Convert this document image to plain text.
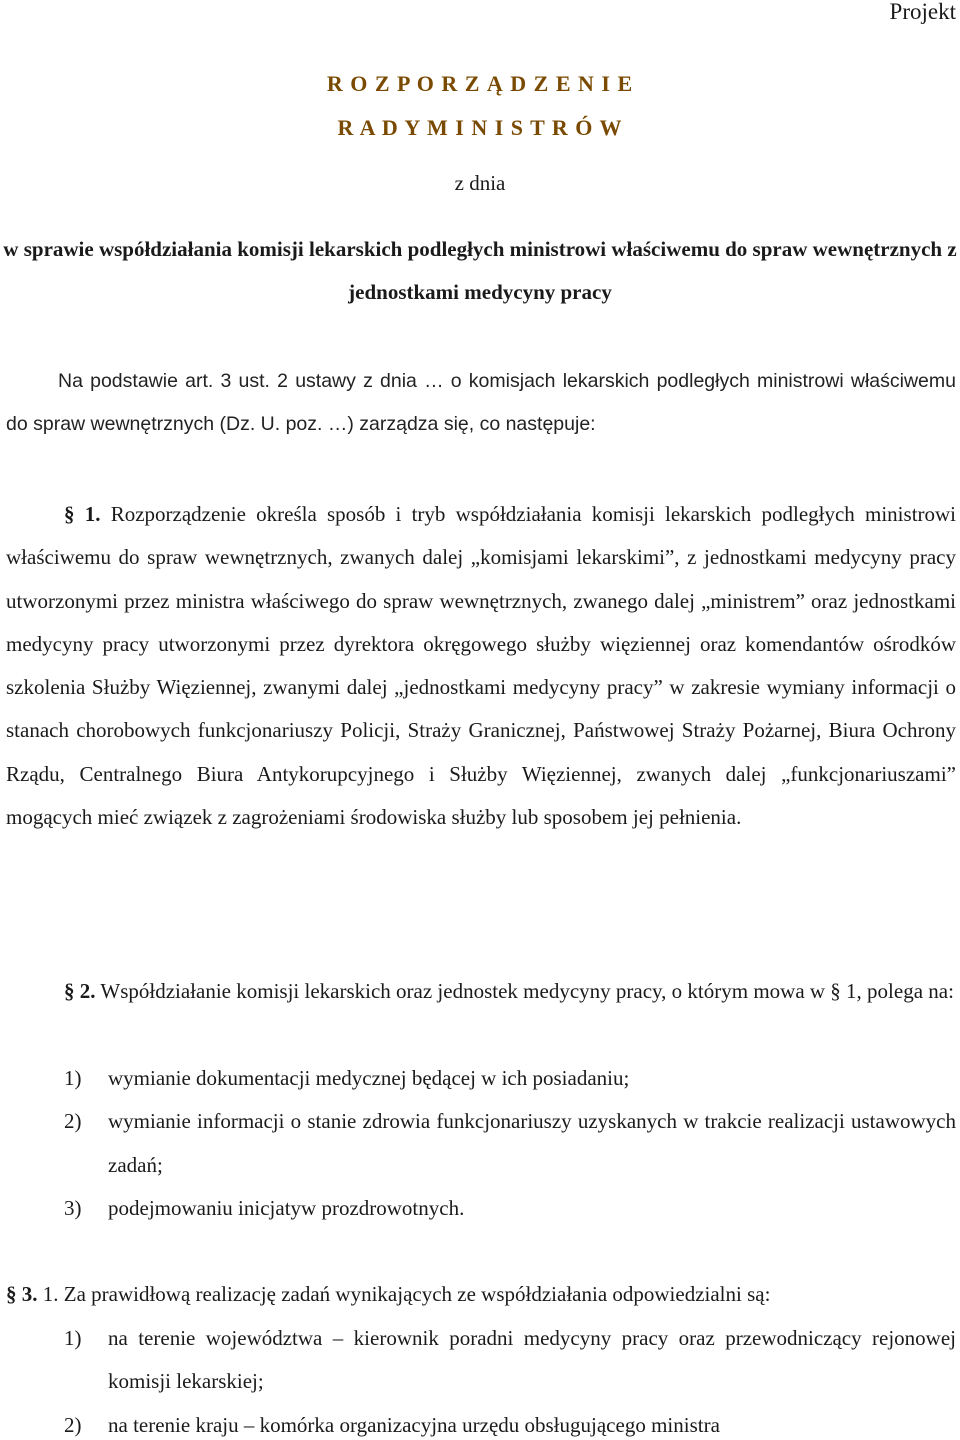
Projekt
R O Z P O R Z Ą D Z E N I E
R A D Y M I N I S T R Ó W
z dnia
w sprawie współdziałania komisji lekarskich podległych ministrowi właściwemu do spraw wewnętrznych z jednostkami medycyny pracy
Na podstawie art. 3 ust. 2 ustawy z dnia … o komisjach lekarskich podległych ministrowi właściwemu do spraw wewnętrznych (Dz. U. poz. …) zarządza się, co następuje:
§ 1. Rozporządzenie określa sposób i tryb współdziałania komisji lekarskich podległych ministrowi właściwemu do spraw wewnętrznych, zwanych dalej „komisjami lekarskimi”, z jednostkami medycyny pracy utworzonymi przez ministra właściwego do spraw wewnętrznych, zwanego dalej „ministrem” oraz jednostkami medycyny pracy utworzonymi przez dyrektora okręgowego służby więziennej oraz komendantów ośrodków szkolenia Służby Więziennej, zwanymi dalej „jednostkami medycyny pracy” w zakresie wymiany informacji o stanach chorobowych funkcjonariuszy Policji, Straży Granicznej, Państwowej Straży Pożarnej, Biura Ochrony Rządu, Centralnego Biura Antykorupcyjnego i Służby Więziennej, zwanych dalej „funkcjonariuszami” mogących mieć związek z zagrożeniami środowiska służby lub sposobem jej pełnienia.
§ 2. Współdziałanie komisji lekarskich oraz jednostek medycyny pracy, o którym mowa w § 1, polega na:
1) wymianie dokumentacji medycznej będącej w ich posiadaniu;
2) wymianie informacji o stanie zdrowia funkcjonariuszy uzyskanych w trakcie realizacji ustawowych zadań;
3) podejmowaniu inicjatyw prozdrowotnych.
§ 3. 1. Za prawidłową realizację zadań wynikających ze współdziałania odpowiedzialni są:
1) na terenie województwa – kierownik poradni medycyny pracy oraz przewodniczący rejonowej komisji lekarskiej;
2) na terenie kraju – komórka organizacyjna urzędu obsługującego ministra
